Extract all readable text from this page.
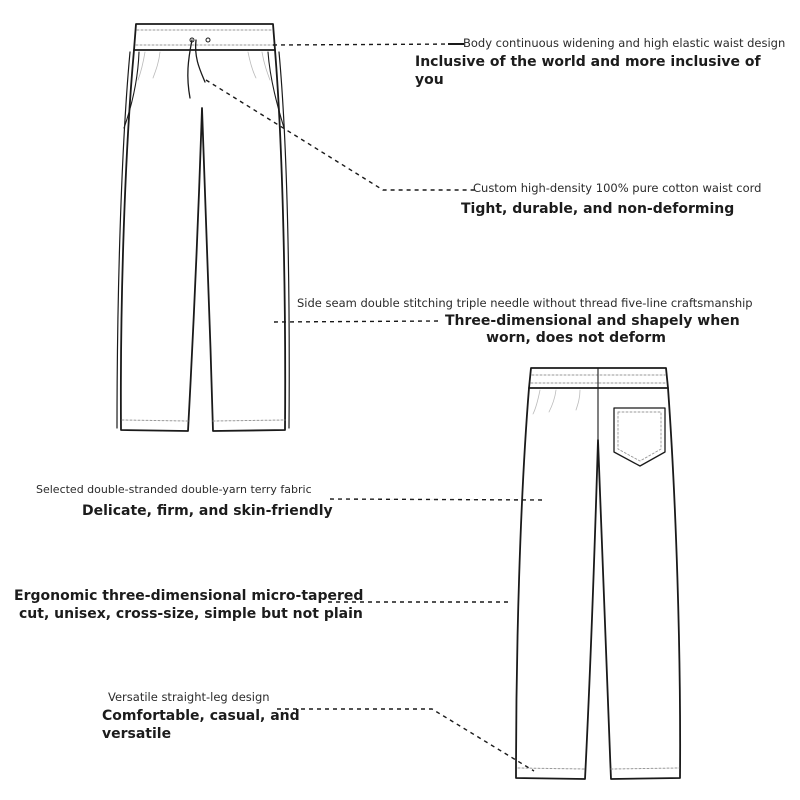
Body continuous widening and high elastic waist design
Inclusive of the world and more inclusive of
you
Custom high-density 100% pure cotton waist cord
Tight, durable, and non-deforming
Side seam double stitching triple needle without thread five-line craftsmanship
Three-dimensional and shapely when
worn, does not deform
Selected double-stranded double-yarn terry fabric
Delicate, firm, and skin-friendly
Ergonomic three-dimensional micro-tapered
cut, unisex, cross-size, simple but not plain
Versatile straight-leg design
Comfortable, casual, and
versatile
